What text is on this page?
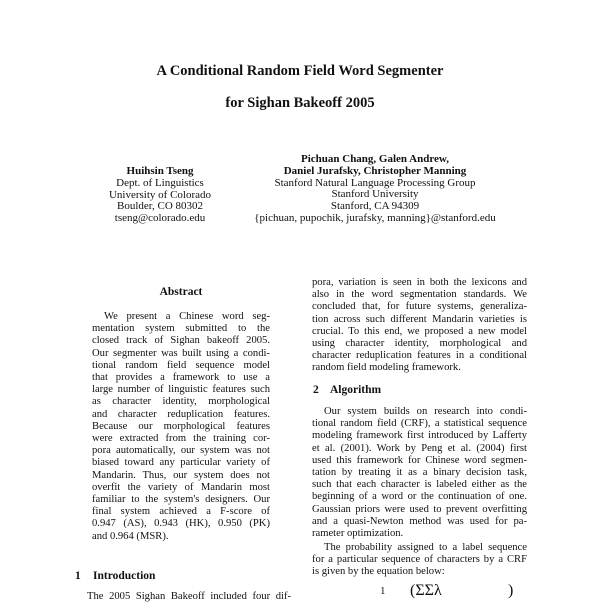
A Conditional Random Field Word Segmenter
for Sighan Bakeoff 2005
Huihsin Tseng
Dept. of Linguistics
University of Colorado
Boulder, CO 80302
tseng@colorado.edu
Pichuan Chang, Galen Andrew,
Daniel Jurafsky, Christopher Manning
Stanford Natural Language Processing Group
Stanford University
Stanford, CA 94309
{pichuan, pupochik, jurafsky, manning}@stanford.edu
Abstract
We present a Chinese word seg-
mentation system submitted to the
closed track of Sighan bakeoff 2005.
Our segmenter was built using a condi-
tional random field sequence model
that provides a framework to use a
large number of linguistic features such
as character identity, morphological
and character reduplication features.
Because our morphological features
were extracted from the training cor-
pora automatically, our system was not
biased toward any particular variety of
Mandarin. Thus, our system does not
overfit the variety of Mandarin most
familiar to the system's designers. Our
final system achieved a F-score of
0.947 (AS), 0.943 (HK), 0.950 (PK)
and 0.964 (MSR).
1 Introduction
The 2005 Sighan Bakeoff included four dif-
pora, variation is seen in both the lexicons and
also in the word segmentation standards. We
concluded that, for future systems, generaliza-
tion across such different Mandarin varieties is
crucial. To this end, we proposed a new model
using character identity, morphological and
character reduplication features in a conditional
random field modeling framework.
2 Algorithm
Our system builds on research into condi-
tional random field (CRF), a statistical sequence
modeling framework first introduced by Lafferty
et al. (2001). Work by Peng et al. (2004) first
used this framework for Chinese word segmen-
tation by treating it as a binary decision task,
such that each character is labeled either as the
beginning of a word or the continuation of one.
Gaussian priors were used to prevent overfitting
and a quasi-Newton method was used for pa-
rameter optimization.
The probability assigned to a label sequence
for a particular sequence of characters by a CRF
is given by the equation below:
1 (ΣΣλ	)
